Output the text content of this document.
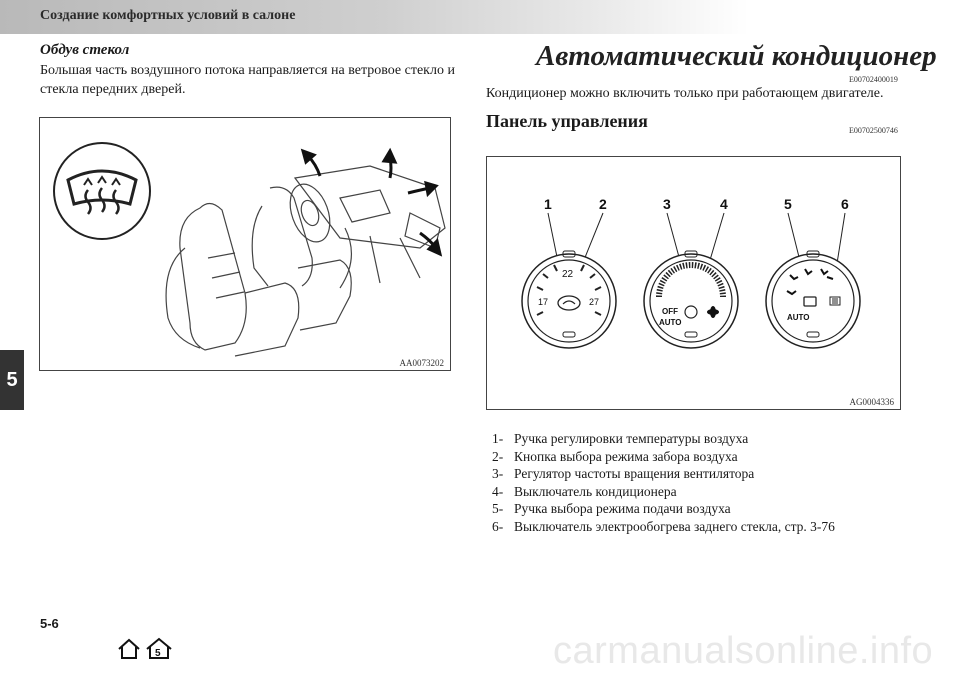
Создание комфортных условий в салоне
5
Обдув стекол
Большая часть воздушного потока направляется на ветровое стекло и стекла передних дверей.
AA0073202
Автоматический кондиционер
E00702400019
Кондиционер можно включить только при работающем двигателе.
Панель управления	E00702500746
1	2	3	4	5	6
22
17	27
OFF
AUTO
AUTO
AG0004336
1- Ручка регулировки температуры воздуха
2- Кнопка выбора режима забора воздуха
3- Регулятор частоты вращения вентилятора
4- Выключатель кондиционера
5- Ручка выбора режима подачи воздуха
6- Выключатель электрообогрева заднего стекла, стр. 3-76
5-6
5	carmanualsonline.info
